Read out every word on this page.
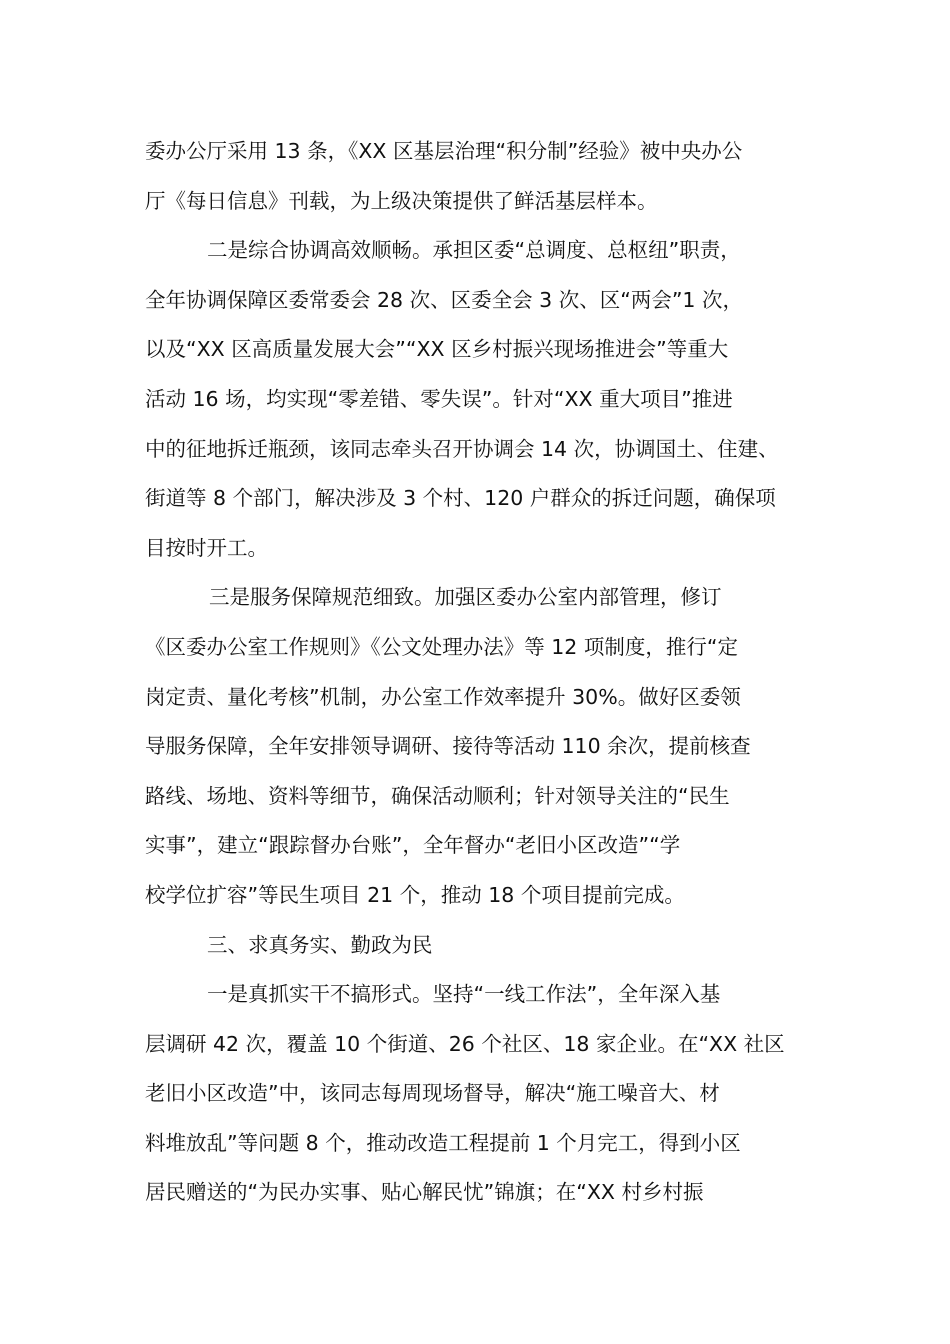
委办公厅采用 13 条，《XX 区基层治理“积分制”经验》被中央办公
厅《每日信息》刊载，为上级决策提供了鲜活基层样本。
二是综合协调高效顺畅。承担区委“总调度、总枢纽”职责，
全年协调保障区委常委会 28 次、区委全会 3 次、区“两会”1 次，
以及“XX 区高质量发展大会”“XX 区乡村振兴现场推进会”等重大
活动 16 场，均实现“零差错、零失误”。针对“XX 重大项目”推进
中的征地拆迁瓶颈，该同志牵头召开协调会 14 次，协调国土、住建、
街道等 8 个部门，解决涉及 3 个村、120 户群众的拆迁问题，确保项
目按时开工。
三是服务保障规范细致。加强区委办公室内部管理，修订
《区委办公室工作规则》《公文处理办法》等 12 项制度，推行“定
岗定责、量化考核”机制，办公室工作效率提升 30%。做好区委领
导服务保障，全年安排领导调研、接待等活动 110 余次，提前核查
路线、场地、资料等细节，确保活动顺利；针对领导关注的“民生
实事”，建立“跟踪督办台账”，全年督办“老旧小区改造”“学
校学位扩容”等民生项目 21 个，推动 18 个项目提前完成。
三、求真务实、勤政为民
一是真抓实干不搞形式。坚持“一线工作法”，全年深入基
层调研 42 次，覆盖 10 个街道、26 个社区、18 家企业。在“XX 社区
老旧小区改造”中，该同志每周现场督导，解决“施工噪音大、材
料堆放乱”等问题 8 个，推动改造工程提前 1 个月完工，得到小区
居民赠送的“为民办实事、贴心解民忧”锦旗；在“XX 村乡村振
